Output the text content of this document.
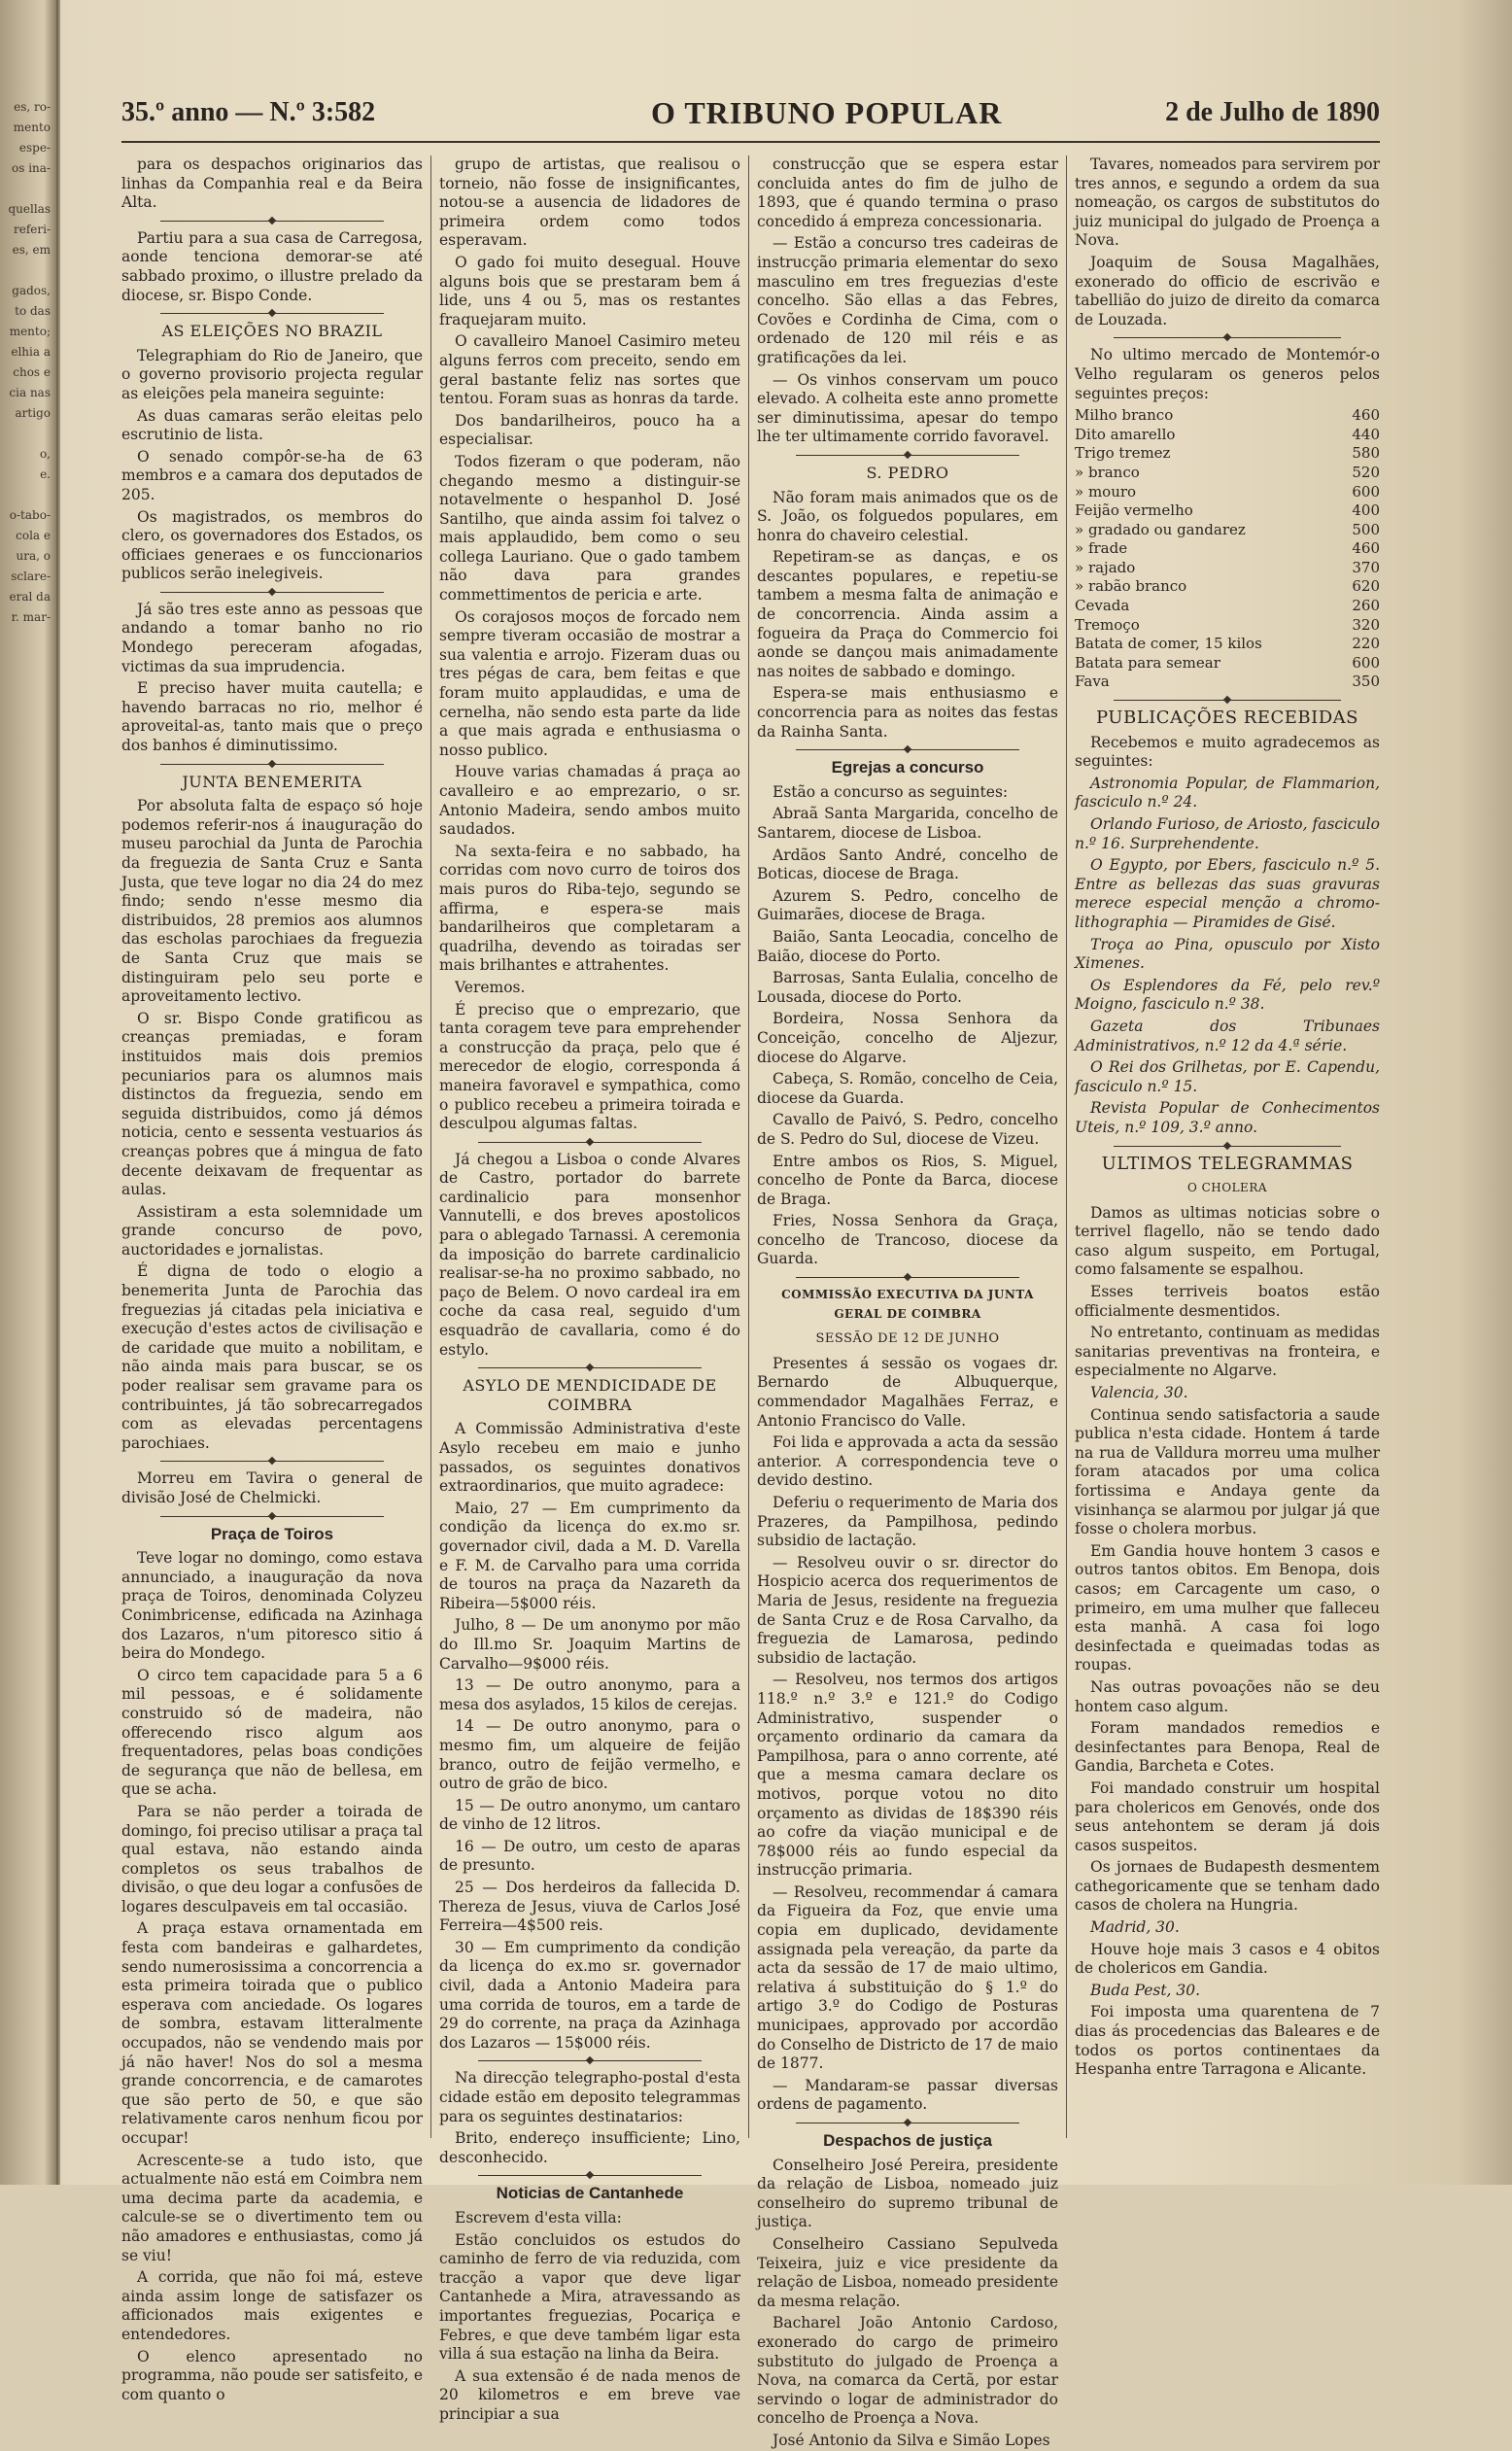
es, ro-
mento
espe-
os ina-

quellas
referi-
es, em

gados,
to das
mento;
elhia a
chos e
cia nas
artigo

o,
e.

o-tabo-
cola e
ura, o
sclare-
eral da
r. mar-
35.º anno — N.º 3:582	O TRIBUNO POPULAR	2 de Julho de 1890

para os despachos originarios das linhas da Companhia real e da Beira Alta.

Partiu para a sua casa de Carregosa, aonde tenciona demorar-se até sabbado proximo, o illustre prelado da diocese, sr. Bispo Conde.

AS ELEIÇÕES NO BRAZIL

Telegraphiam do Rio de Janeiro, que o governo provisorio projecta regular as eleições pela maneira seguinte:

As duas camaras serão eleitas pelo escrutinio de lista.

O senado compôr-se-ha de 63 membros e a camara dos deputados de 205.

Os magistrados, os membros do clero, os governadores dos Estados, os officiaes generaes e os funccionarios publicos serão inelegiveis.

Já são tres este anno as pessoas que andando a tomar banho no rio Mondego pereceram afogadas, victimas da sua imprudencia.

E preciso haver muita cautella; e havendo barracas no rio, melhor é aproveital-as, tanto mais que o preço dos banhos é diminutissimo.

JUNTA BENEMERITA

Por absoluta falta de espaço só hoje podemos referir-nos á inauguração do museu parochial da Junta de Parochia da freguezia de Santa Cruz e Santa Justa, que teve logar no dia 24 do mez findo; sendo n'esse mesmo dia distribuidos, 28 premios aos alumnos das escholas parochiaes da freguezia de Santa Cruz que mais se distinguiram pelo seu porte e aproveitamento lectivo.

O sr. Bispo Conde gratificou as creanças premiadas, e foram instituidos mais dois premios pecuniarios para os alumnos mais distinctos da freguezia, sendo em seguida distribuidos, como já démos noticia, cento e sessenta vestuarios ás creanças pobres que á mingua de fato decente deixavam de frequentar as aulas.

Assistiram a esta solemnidade um grande concurso de povo, auctoridades e jornalistas.

É digna de todo o elogio a benemerita Junta de Parochia das freguezias já citadas pela iniciativa e execução d'estes actos de civilisação e de caridade que muito a nobilitam, e não ainda mais para buscar, se os poder realisar sem gravame para os contribuintes, já tão sobrecarregados com as elevadas percentagens parochiaes.

Morreu em Tavira o general de divisão José de Chelmicki.

Praça de Toiros

Teve logar no domingo, como estava annunciado, a inauguração da nova praça de Toiros, denominada Colyzeu Conimbricense, edificada na Azinhaga dos Lazaros, n'um pitoresco sitio á beira do Mondego.

O circo tem capacidade para 5 a 6 mil pessoas, e é solidamente construido só de madeira, não offerecendo risco algum aos frequentadores, pelas boas condições de segurança que não de bellesa, em que se acha.

Para se não perder a toirada de domingo, foi preciso utilisar a praça tal qual estava, não estando ainda completos os seus trabalhos de divisão, o que deu logar a confusões de logares desculpaveis em tal occasião.

A praça estava ornamentada em festa com bandeiras e galhardetes, sendo numerosissima a concorrencia a esta primeira toirada que o publico esperava com anciedade. Os logares de sombra, estavam litteralmente occupados, não se vendendo mais por já não haver! Nos do sol a mesma grande concorrencia, e de camarotes que são perto de 50, e que são relativamente caros nenhum ficou por occupar!

Acrescente-se a tudo isto, que actualmente não está em Coimbra nem uma decima parte da academia, e calcule-se se o divertimento tem ou não amadores e enthusiastas, como já se viu!

A corrida, que não foi má, esteve ainda assim longe de satisfazer os afficionados mais exigentes e entendedores.

O elenco apresentado no programma, não poude ser satisfeito, e com quanto o

grupo de artistas, que realisou o torneio, não fosse de insignificantes, notou-se a ausencia de lidadores de primeira ordem como todos esperavam.

O gado foi muito desegual. Houve alguns bois que se prestaram bem á lide, uns 4 ou 5, mas os restantes fraquejaram muito.

O cavalleiro Manoel Casimiro meteu alguns ferros com preceito, sendo em geral bastante feliz nas sortes que tentou. Foram suas as honras da tarde.

Dos bandarilheiros, pouco ha a especialisar.

Todos fizeram o que poderam, não chegando mesmo a distinguir-se notavelmente o hespanhol D. José Santilho, que ainda assim foi talvez o mais applaudido, bem como o seu collega Lauriano. Que o gado tambem não dava para grandes commettimentos de pericia e arte.

Os corajosos moços de forcado nem sempre tiveram occasião de mostrar a sua valentia e arrojo. Fizeram duas ou tres pégas de cara, bem feitas e que foram muito applaudidas, e uma de cernelha, não sendo esta parte da lide a que mais agrada e enthusiasma o nosso publico.

Houve varias chamadas á praça ao cavalleiro e ao emprezario, o sr. Antonio Madeira, sendo ambos muito saudados.

Na sexta-feira e no sabbado, ha corridas com novo curro de toiros dos mais puros do Riba-tejo, segundo se affirma, e espera-se mais bandarilheiros que completaram a quadrilha, devendo as toiradas ser mais brilhantes e attrahentes.

Veremos.

É preciso que o emprezario, que tanta coragem teve para emprehender a construcção da praça, pelo que é merecedor de elogio, corresponda á maneira favoravel e sympathica, como o publico recebeu a primeira toirada e desculpou algumas faltas.

Já chegou a Lisboa o conde Alvares de Castro, portador do barrete cardinalicio para monsenhor Vannutelli, e dos breves apostolicos para o ablegado Tarnassi. A ceremonia da imposição do barrete cardinalicio realisar-se-ha no proximo sabbado, no paço de Belem. O novo cardeal ira em coche da casa real, seguido d'um esquadrão de cavallaria, como é do estylo.

ASYLO DE MENDICIDADE DE COIMBRA

A Commissão Administrativa d'este Asylo recebeu em maio e junho passados, os seguintes donativos extraordinarios, que muito agradece:

Maio, 27 — Em cumprimento da condição da licença do ex.mo sr. governador civil, dada a M. D. Varella e F. M. de Carvalho para uma corrida de touros na praça da Nazareth da Ribeira—5$000 réis.

Julho, 8 — De um anonymo por mão do Ill.mo Sr. Joaquim Martins de Carvalho—9$000 réis.

13 — De outro anonymo, para a mesa dos asylados, 15 kilos de cerejas.

14 — De outro anonymo, para o mesmo fim, um alqueire de feijão branco, outro de feijão vermelho, e outro de grão de bico.

15 — De outro anonymo, um cantaro de vinho de 12 litros.

16 — De outro, um cesto de aparas de presunto.

25 — Dos herdeiros da fallecida D. Thereza de Jesus, viuva de Carlos José Ferreira—4$500 reis.

30 — Em cumprimento da condição da licença do ex.mo sr. governador civil, dada a Antonio Madeira para uma corrida de touros, em a tarde de 29 do corrente, na praça da Azinhaga dos Lazaros — 15$000 réis.

Na direcção telegrapho-postal d'esta cidade estão em deposito telegrammas para os seguintes destinatarios:

Brito, endereço insufficiente; Lino, desconhecido.

Noticias de Cantanhede

Escrevem d'esta villa:

Estão concluidos os estudos do caminho de ferro de via reduzida, com tracção a vapor que deve ligar Cantanhede a Mira, atravessando as importantes freguezias, Pocariça e Febres, e que deve também ligar esta villa á sua estação na linha da Beira.

A sua extensão é de nada menos de 20 kilometros e em breve vae principiar a sua

construcção que se espera estar concluida antes do fim de julho de 1893, que é quando termina o praso concedido á empreza concessionaria.

— Estão a concurso tres cadeiras de instrucção primaria elementar do sexo masculino em tres freguezias d'este concelho. São ellas a das Febres, Covões e Cordinha de Cima, com o ordenado de 120 mil réis e as gratificações da lei.

— Os vinhos conservam um pouco elevado. A colheita este anno promette ser diminutissima, apesar do tempo lhe ter ultimamente corrido favoravel.

S. PEDRO

Não foram mais animados que os de S. João, os folguedos populares, em honra do chaveiro celestial.

Repetiram-se as danças, e os descantes populares, e repetiu-se tambem a mesma falta de animação e de concorrencia. Ainda assim a fogueira da Praça do Commercio foi aonde se dançou mais animadamente nas noites de sabbado e domingo.

Espera-se mais enthusiasmo e concorrencia para as noites das festas da Rainha Santa.

Egrejas a concurso

Estão a concurso as seguintes:

Abraã Santa Margarida, concelho de Santarem, diocese de Lisboa.

Ardãos Santo André, concelho de Boticas, diocese de Braga.

Azurem S. Pedro, concelho de Guimarães, diocese de Braga.

Baião, Santa Leocadia, concelho de Baião, diocese do Porto.

Barrosas, Santa Eulalia, concelho de Lousada, diocese do Porto.

Bordeira, Nossa Senhora da Conceição, concelho de Aljezur, diocese do Algarve.

Cabeça, S. Romão, concelho de Ceia, diocese da Guarda.

Cavallo de Paivó, S. Pedro, concelho de S. Pedro do Sul, diocese de Vizeu.

Entre ambos os Rios, S. Miguel, concelho de Ponte da Barca, diocese de Braga.

Fries, Nossa Senhora da Graça, concelho de Trancoso, diocese da Guarda.

COMMISSÃO EXECUTIVA DA JUNTA GERAL DE COIMBRA
SESSÃO DE 12 DE JUNHO

Presentes á sessão os vogaes dr. Bernardo de Albuquerque, commendador Magalhães Ferraz, e Antonio Francisco do Valle.

Foi lida e approvada a acta da sessão anterior. A correspondencia teve o devido destino.

Deferiu o requerimento de Maria dos Prazeres, da Pampilhosa, pedindo subsidio de lactação.

— Resolveu ouvir o sr. director do Hospicio acerca dos requerimentos de Maria de Jesus, residente na freguezia de Santa Cruz e de Rosa Carvalho, da freguezia de Lamarosa, pedindo subsidio de lactação.

— Resolveu, nos termos dos artigos 118.º n.º 3.º e 121.º do Codigo Administrativo, suspender o orçamento ordinario da camara da Pampilhosa, para o anno corrente, até que a mesma camara declare os motivos, porque votou no dito orçamento as dividas de 18$390 réis ao cofre da viação municipal e de 78$000 réis ao fundo especial da instrucção primaria.

— Resolveu, recommendar á camara da Figueira da Foz, que envie uma copia em duplicado, devidamente assignada pela vereação, da parte da acta da sessão de 17 de maio ultimo, relativa á substituição do § 1.º do artigo 3.º do Codigo de Posturas municipaes, approvado por accordão do Conselho de Districto de 17 de maio de 1877.

— Mandaram-se passar diversas ordens de pagamento.

Despachos de justiça

Conselheiro José Pereira, presidente da relação de Lisboa, nomeado juiz conselheiro do supremo tribunal de justiça.

Conselheiro Cassiano Sepulveda Teixeira, juiz e vice presidente da relação de Lisboa, nomeado presidente da mesma relação.

Bacharel João Antonio Cardoso, exonerado do cargo de primeiro substituto do julgado de Proença a Nova, na comarca da Certã, por estar servindo o logar de administrador do concelho de Proença a Nova.

José Antonio da Silva e Simão Lopes

Tavares, nomeados para servirem por tres annos, e segundo a ordem da sua nomeação, os cargos de substitutos do juiz municipal do julgado de Proença a Nova.

Joaquim de Sousa Magalhães, exonerado do officio de escrivão e tabellião do juizo de direito da comarca de Louzada.

No ultimo mercado de Montemór-o Velho regularam os generos pelos seguintes preços:

Milho branco	460
Dito amarello	440
Trigo tremez	580
» branco	520
» mouro	600
Feijão vermelho	400
» gradado ou gandarez	500
» frade	460
» rajado	370
» rabão branco	620
Cevada	260
Tremoço	320
Batata de comer, 15 kilos	220
Batata para semear	600
Fava	350
PUBLICAÇÕES RECEBIDAS

Recebemos e muito agradecemos as seguintes:

Astronomia Popular, de Flammarion, fasciculo n.º 24.

Orlando Furioso, de Ariosto, fasciculo n.º 16. Surprehendente.

O Egypto, por Ebers, fasciculo n.º 5. Entre as bellezas das suas gravuras merece especial menção a chromo-lithographia — Piramides de Gisé.

Troça ao Pina, opusculo por Xisto Ximenes.

Os Esplendores da Fé, pelo rev.º Moigno, fasciculo n.º 38.

Gazeta dos Tribunaes Administrativos, n.º 12 da 4.ª série.

O Rei dos Grilhetas, por E. Capendu, fasciculo n.º 15.

Revista Popular de Conhecimentos Uteis, n.º 109, 3.º anno.

ULTIMOS TELEGRAMMAS
O CHOLERA

Damos as ultimas noticias sobre o terrivel flagello, não se tendo dado caso algum suspeito, em Portugal, como falsamente se espalhou.

Esses terriveis boatos estão officialmente desmentidos.

No entretanto, continuam as medidas sanitarias preventivas na fronteira, e especialmente no Algarve.

Valencia, 30.

Continua sendo satisfactoria a saude publica n'esta cidade. Hontem á tarde na rua de Valldura morreu uma mulher foram atacados por uma colica fortissima e Andaya gente da visinhança se alarmou por julgar já que fosse o cholera morbus.

Em Gandia houve hontem 3 casos e outros tantos obitos. Em Benopa, dois casos; em Carcagente um caso, o primeiro, em uma mulher que falleceu esta manhã. A casa foi logo desinfectada e queimadas todas as roupas.

Nas outras povoações não se deu hontem caso algum.

Foram mandados remedios e desinfectantes para Benopa, Real de Gandia, Barcheta e Cotes.

Foi mandado construir um hospital para cholericos em Genovés, onde dos seus antehontem se deram já dois casos suspeitos.

Os jornaes de Budapesth desmentem cathegoricamente que se tenham dado casos de cholera na Hungria.

Madrid, 30.

Houve hoje mais 3 casos e 4 obitos de cholericos em Gandia.

Buda Pest, 30.

Foi imposta uma quarentena de 7 dias ás procedencias das Baleares e de todos os portos continentaes da Hespanha entre Tarragona e Alicante.
